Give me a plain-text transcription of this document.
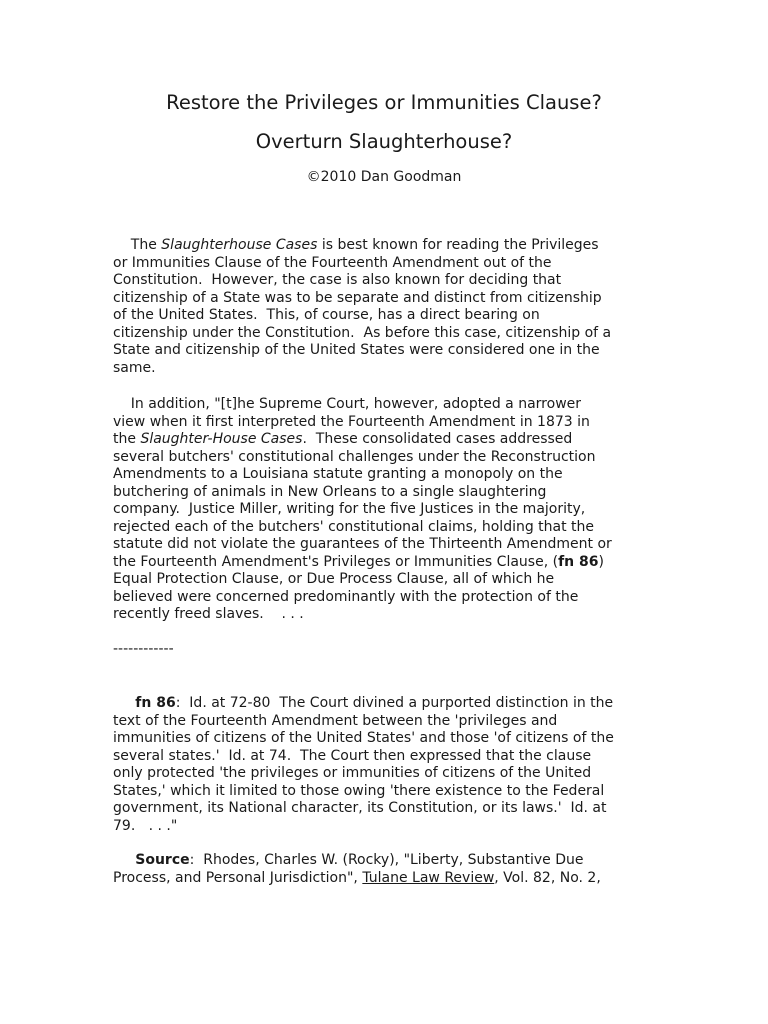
Restore the Privileges or Immunities Clause?
Overturn Slaughterhouse?

©2010 Dan Goodman

The Slaughterhouse Cases is best known for reading the Privileges
or Immunities Clause of the Fourteenth Amendment out of the
Constitution.  However, the case is also known for deciding that
citizenship of a State was to be separate and distinct from citizenship
of the United States.  This, of course, has a direct bearing on
citizenship under the Constitution.  As before this case, citizenship of a
State and citizenship of the United States were considered one in the
same.

In addition, "[t]he Supreme Court, however, adopted a narrower
view when it first interpreted the Fourteenth Amendment in 1873 in
the Slaughter-House Cases.  These consolidated cases addressed
several butchers' constitutional challenges under the Reconstruction
Amendments to a Louisiana statute granting a monopoly on the
butchering of animals in New Orleans to a single slaughtering
company.  Justice Miller, writing for the five Justices in the majority,
rejected each of the butchers' constitutional claims, holding that the
statute did not violate the guarantees of the Thirteenth Amendment or
the Fourteenth Amendment's Privileges or Immunities Clause, (fn 86)
Equal Protection Clause, or Due Process Clause, all of which he
believed were concerned predominantly with the protection of the
recently freed slaves.    . . .

------------

fn 86:  Id. at 72-80  The Court divined a purported distinction in the
text of the Fourteenth Amendment between the 'privileges and
immunities of citizens of the United States' and those 'of citizens of the
several states.'  Id. at 74.  The Court then expressed that the clause
only protected 'the privileges or immunities of citizens of the United
States,' which it limited to those owing 'there existence to the Federal
government, its National character, its Constitution, or its laws.'  Id. at
79.   . . ."

Source:  Rhodes, Charles W. (Rocky), "Liberty, Substantive Due
Process, and Personal Jurisdiction", Tulane Law Review, Vol. 82, No. 2,
